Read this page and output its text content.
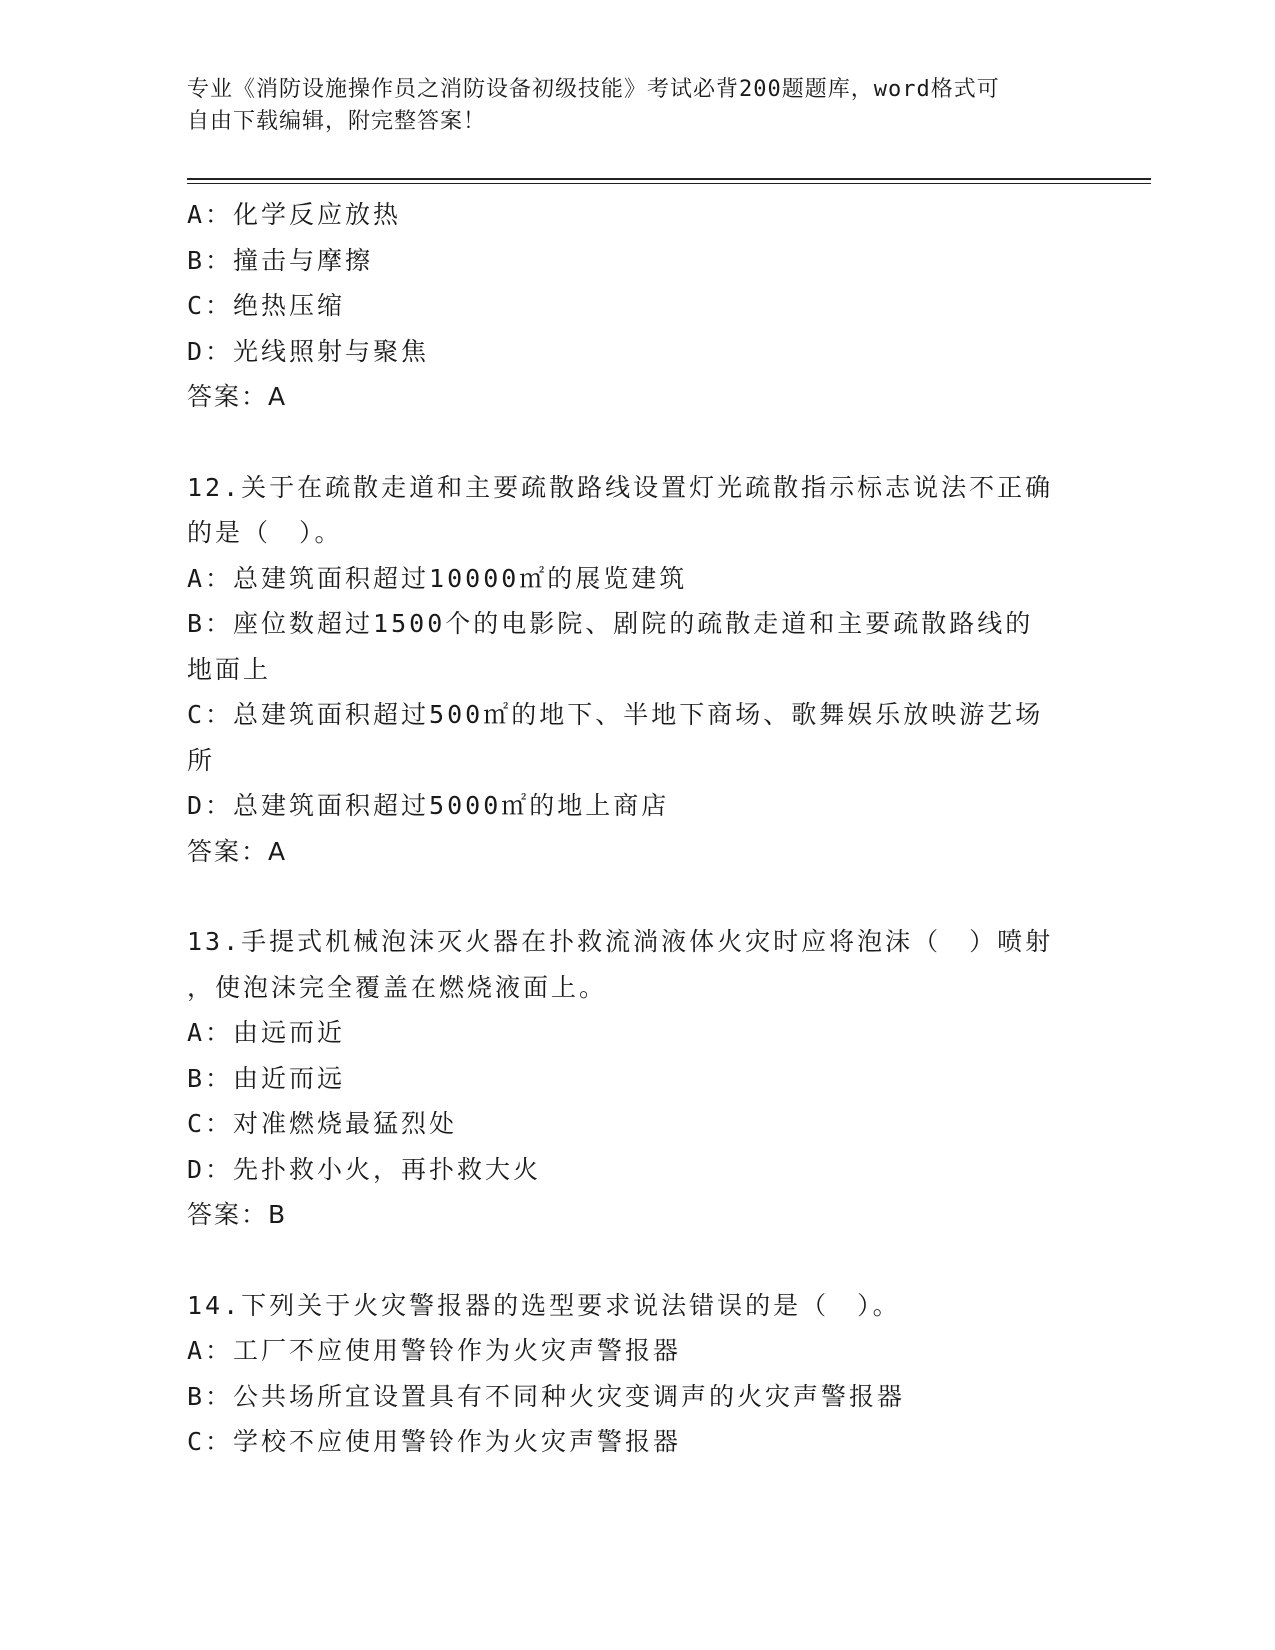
专业《消防设施操作员之消防设备初级技能》考试必背200题题库，word格式可
自由下载编辑，附完整答案！
A：化学反应放热
B：撞击与摩擦
C：绝热压缩
D：光线照射与聚焦
答案：A
12.关于在疏散走道和主要疏散路线设置灯光疏散指示标志说法不正确
的是（　）。
A：总建筑面积超过10000㎡的展览建筑
B：座位数超过1500个的电影院、剧院的疏散走道和主要疏散路线的
地面上
C：总建筑面积超过500㎡的地下、半地下商场、歌舞娱乐放映游艺场
所
D：总建筑面积超过5000㎡的地上商店
答案：A
13.手提式机械泡沫灭火器在扑救流淌液体火灾时应将泡沫（　）喷射
，使泡沫完全覆盖在燃烧液面上。
A：由远而近
B：由近而远
C：对准燃烧最猛烈处
D：先扑救小火，再扑救大火
答案：B
14.下列关于火灾警报器的选型要求说法错误的是（　）。
A：工厂不应使用警铃作为火灾声警报器
B：公共场所宜设置具有不同种火灾变调声的火灾声警报器
C：学校不应使用警铃作为火灾声警报器
